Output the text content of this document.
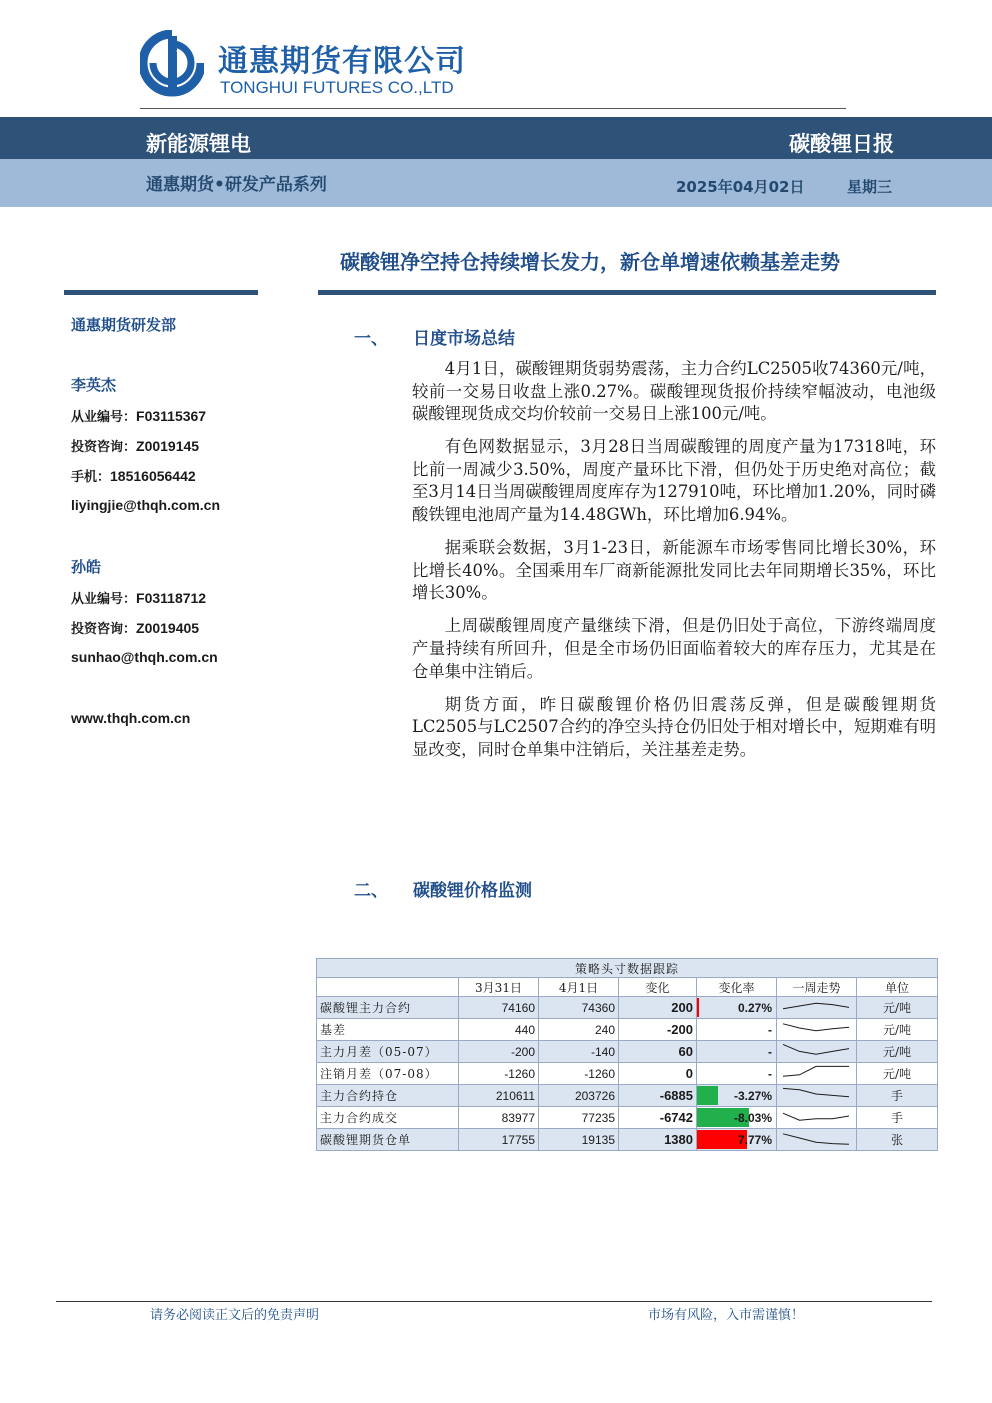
通惠期货有限公司
TONGHUI FUTURES CO.,LTD
新能源锂电	碳酸锂日报
通惠期货•研发产品系列	2025年04月02日	星期三
碳酸锂净空持仓持续增长发力，新仓单增速依赖基差走势
通惠期货研发部
李英杰
从业编号：F03115367
投资咨询：Z0019145
手机：18516056442
liyingjie@thqh.com.cn
孙皓
从业编号：F03118712
投资咨询：Z0019405
sunhao@thqh.com.cn
www.thqh.com.cn
一、 日度市场总结

4月1日，碳酸锂期货弱势震荡，主力合约LC2505收74360元/吨，较前一交易日收盘上涨0.27%。碳酸锂现货报价持续窄幅波动，电池级碳酸锂现货成交均价较前一交易日上涨100元/吨。

有色网数据显示，3月28日当周碳酸锂的周度产量为17318吨，环比前一周减少3.50%，周度产量环比下滑，但仍处于历史绝对高位；截至3月14日当周碳酸锂周度库存为127910吨，环比增加1.20%，同时磷酸铁锂电池周产量为14.48GWh，环比增加6.94%。

据乘联会数据，3月1-23日，新能源车市场零售同比增长30%，环比增长40%。全国乘用车厂商新能源批发同比去年同期增长35%，环比增长30%。

上周碳酸锂周度产量继续下滑，但是仍旧处于高位，下游终端周度产量持续有所回升，但是全市场仍旧面临着较大的库存压力，尤其是在仓单集中注销后。

期货方面，昨日碳酸锂价格仍旧震荡反弹，但是碳酸锂期货LC2505与LC2507合约的净空头持仓仍旧处于相对增长中，短期难有明显改变，同时仓单集中注销后，关注基差走势。

二、 碳酸锂价格监测
策略头寸数据跟踪						
	3月31日	4月1日	变化	变化率	一周走势	单位
碳酸锂主力合约	74160	74360	200	0.27%		元/吨
基差	440	240	-200	-		元/吨
主力月差（05-07）	-200	-140	60	-		元/吨
注销月差（07-08）	-1260	-1260	0	-		元/吨
主力合约持仓	210611	203726	-6885	-3.27%		手
主力合约成交	83977	77235	-6742	-8.03%		手
碳酸锂期货仓单	17755	19135	1380	7.77%		张
请务必阅读正文后的免责声明	市场有风险，入市需谨慎！
